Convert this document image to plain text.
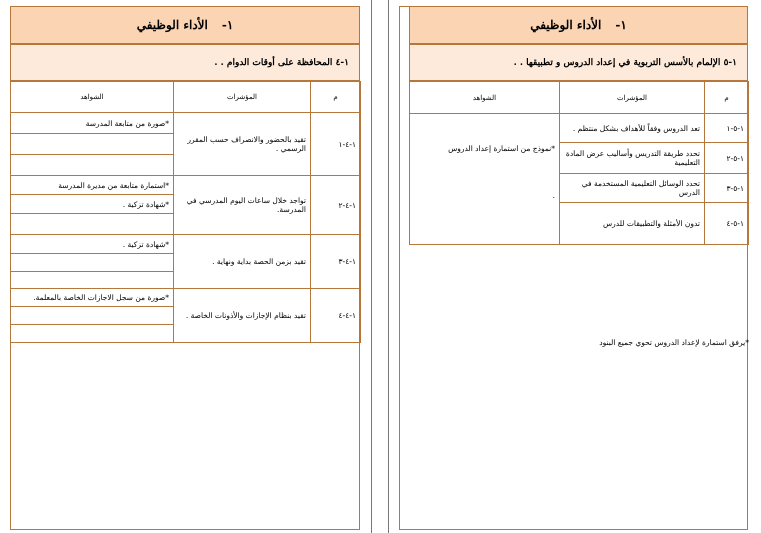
١-
الأداء الوظيفي
١-٤ المحافظة على أوقات الدوام . .
م	المؤشرات	الشواهد
١-٤-١	تقيد بالحضور والانصراف حسب المقرر الرسمي .	*صورة من متابعة المدرسة

١-٤-٢	تواجد خلال ساعات اليوم المدرسي في المدرسة.	*استمارة متابعة من مديرة المدرسة
		*شهادة تزكية .

١-٤-٣	تقيد بزمن الحصة بداية ونهاية .	*شهادة تزكية .

١-٤-٤	تقيد بنظام الإجازات والأذونات الخاصة .	*صورة من سجل الاجازات الخاصة بالمعلمة.

١-
الأداء الوظيفي
١-٥ الإلمام بالأسس التربوية في إعداد الدروس و تطبيقها . .
م	المؤشرات	الشواهد
١-٥-١	تعد الدروس وفقاً للأهداف بشكل منتظم .	*نموذج من استمارة إعداد الدروس
.

١-٥-٢	تحدد طريقة التدريس وأساليب عرض المادة التعليمية	
١-٥-٣	تحدد الوسائل التعليمية المستخدمة في الدرس	
١-٥-٤	تدون الأمثلة والتطبيقات للدرس	
*يرفق استمارة لإعداد الدروس تحوي جميع البنود
